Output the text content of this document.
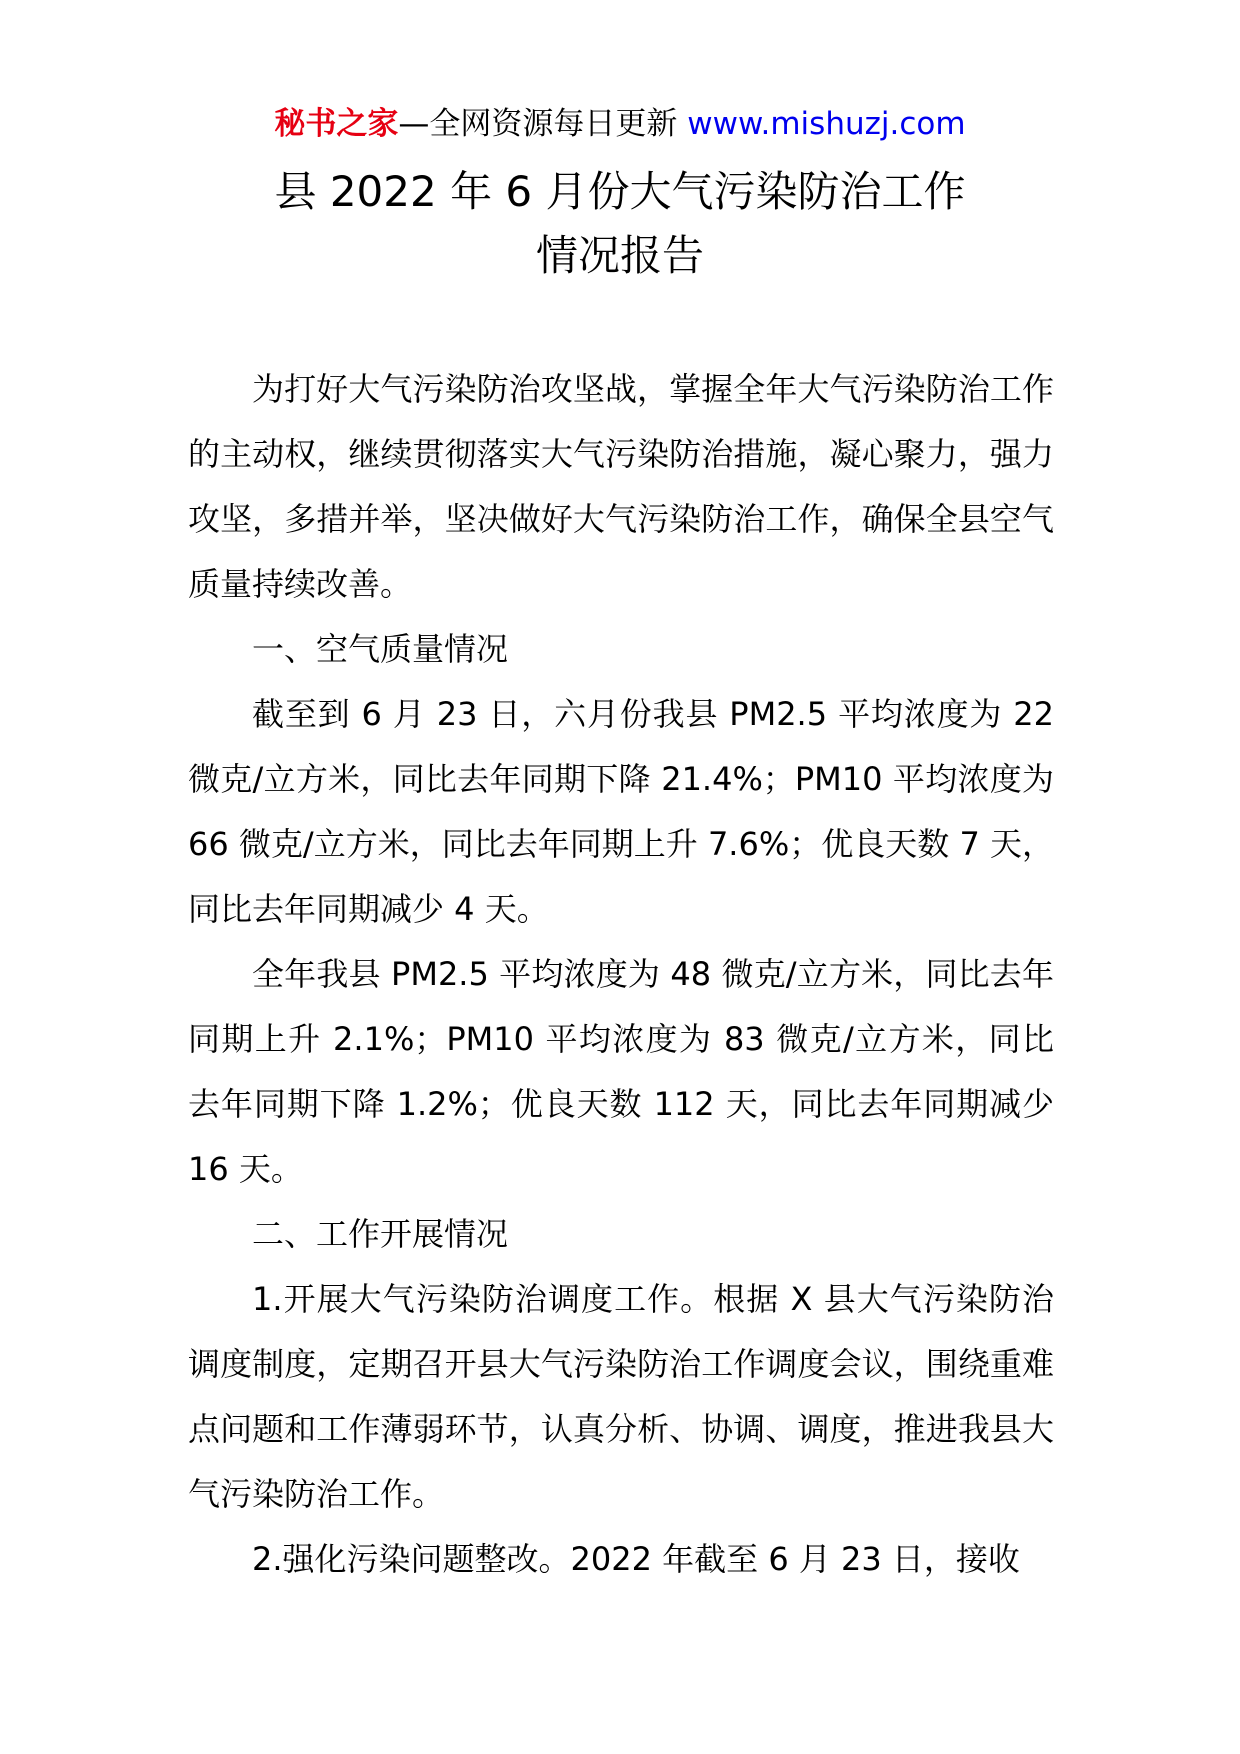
秘书之家—全网资源每日更新 www.mishuzj.com
县 2022 年 6 月份大气污染防治工作
情况报告

为打好大气污染防治攻坚战，掌握全年大气污染防治工作的主动权，继续贯彻落实大气污染防治措施，凝心聚力，强力攻坚，多措并举，坚决做好大气污染防治工作，确保全县空气质量持续改善。

一、空气质量情况

截至到 6 月 23 日，六月份我县 PM2.5 平均浓度为 22 微克/立方米，同比去年同期下降 21.4%；PM10 平均浓度为 66 微克/立方米，同比去年同期上升 7.6%；优良天数 7 天，同比去年同期减少 4 天。

全年我县 PM2.5 平均浓度为 48 微克/立方米，同比去年同期上升 2.1%；PM10 平均浓度为 83 微克/立方米，同比去年同期下降 1.2%；优良天数 112 天，同比去年同期减少 16 天。

二、工作开展情况

1.开展大气污染防治调度工作。根据 X 县大气污染防治调度制度，定期召开县大气污染防治工作调度会议，围绕重难点问题和工作薄弱环节，认真分析、协调、调度，推进我县大气污染防治工作。

2.强化污染问题整改。2022 年截至 6 月 23 日，接收
